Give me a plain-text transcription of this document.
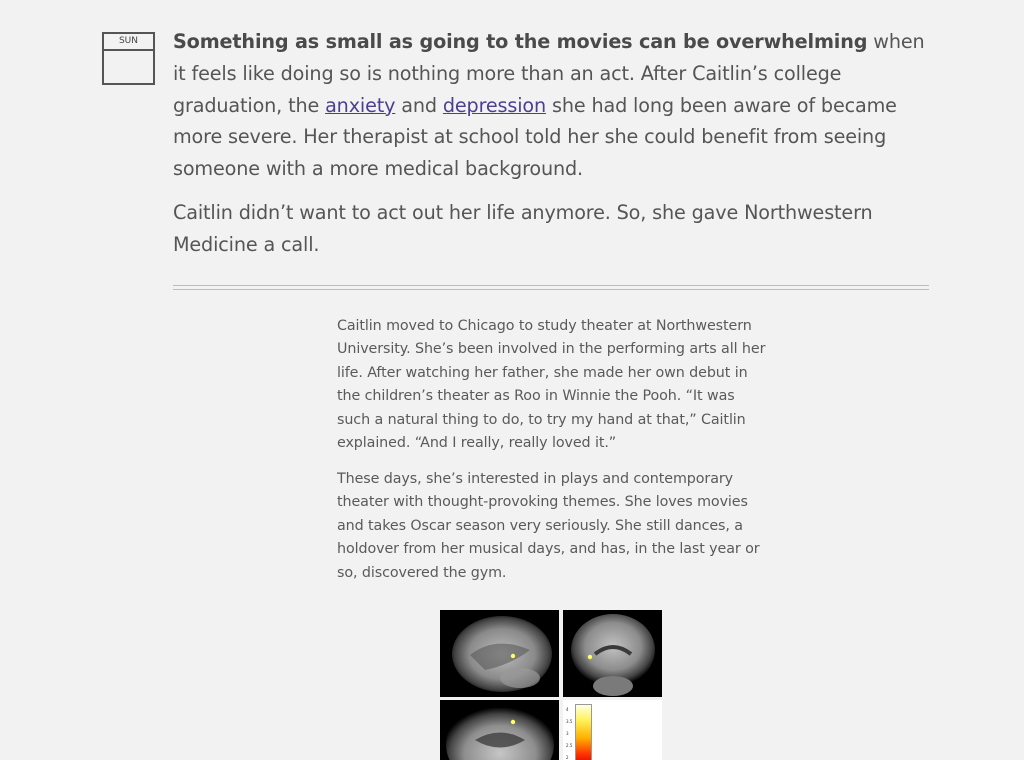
SUN	Something as small as going to the movies can be overwhelming when it feels like doing so is nothing more than an act. After Caitlin’s college graduation, the anxiety and depression she had long been aware of became more severe. Her therapist at school told her she could benefit from seeing someone with a more medical background.

Caitlin didn’t want to act out her life anymore. So, she gave Northwestern Medicine a call.

Caitlin moved to Chicago to study theater at Northwestern University. She’s been involved in the performing arts all her life. After watching her father, she made her own debut in the children’s theater as Roo in Winnie the Pooh. “It was such a natural thing to do, to try my hand at that,” Caitlin explained. “And I really, really loved it.”

These days, she’s interested in plays and contemporary theater with thought-provoking themes. She loves movies and takes Oscar season very seriously. She still dances, a holdover from her musical days, and has, in the last year or so, discovered the gym.

4
3.5
3
2.5
2
